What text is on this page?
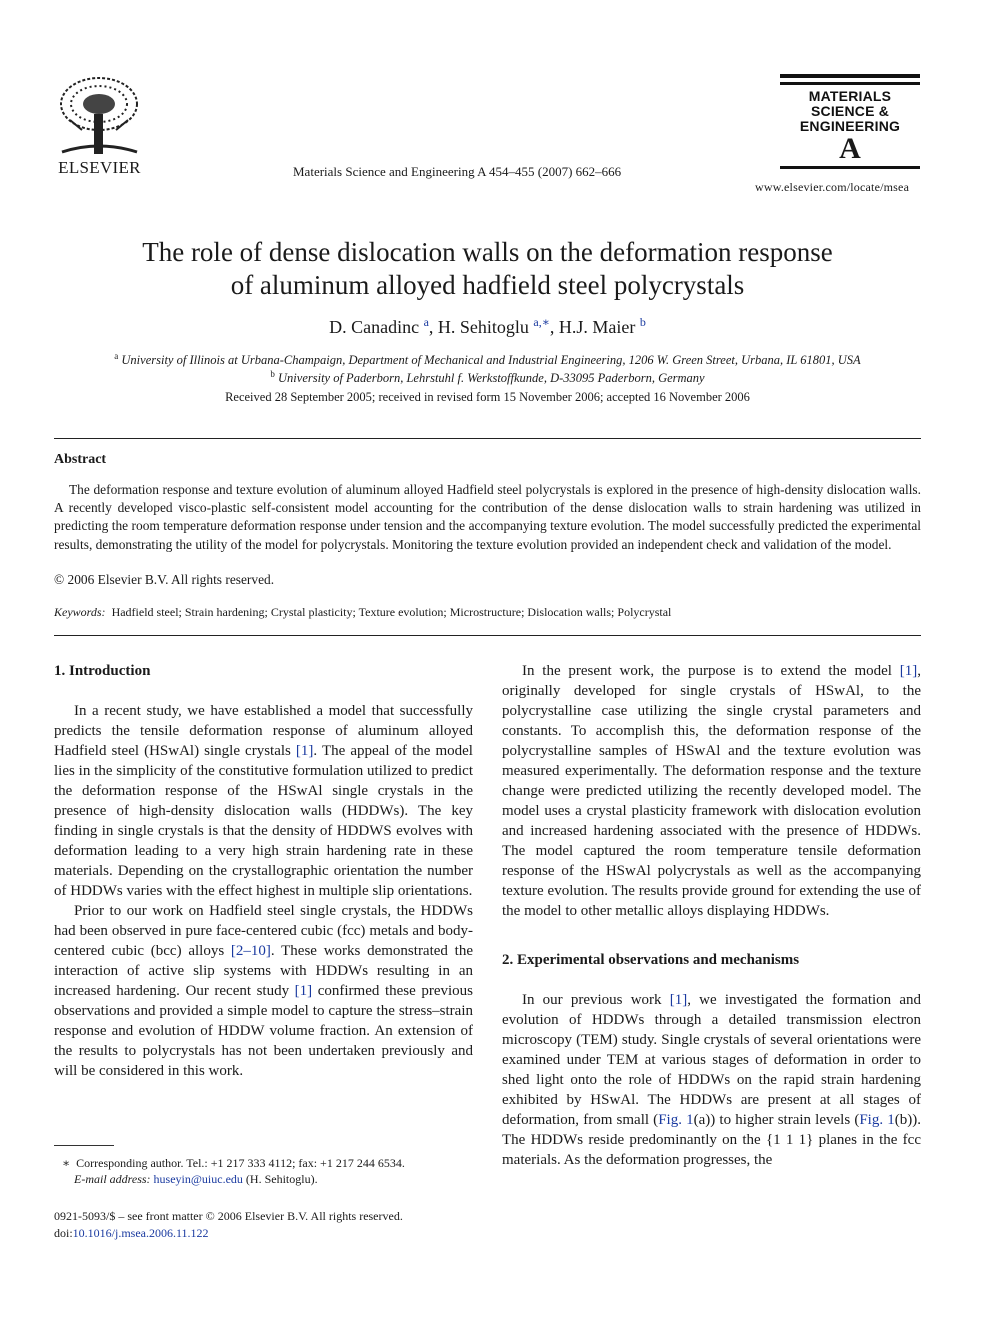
ELSEVIER	Materials Science and Engineering A 454–455 (2007) 662–666
MATERIALS
SCIENCE &
ENGINEERING
A
www.elsevier.com/locate/msea
The role of dense dislocation walls on the deformation response
of aluminum alloyed hadfield steel polycrystals
D. Canadinc $^a$, H. Sehitoglu $^{a,∗}$, H.J. Maier $^b$
$^a$ University of Illinois at Urbana-Champaign, Department of Mechanical and Industrial Engineering, 1206 W. Green Street, Urbana, IL 61801, USA
$^b$ University of Paderborn, Lehrstuhl f. Werkstoffkunde, D-33095 Paderborn, Germany
Received 28 September 2005; received in revised form 15 November 2006; accepted 16 November 2006
Abstract

The deformation response and texture evolution of aluminum alloyed Hadfield steel polycrystals is explored in the presence of high-density dislocation walls. A recently developed visco-plastic self-consistent model accounting for the contribution of the dense dislocation walls to strain hardening was utilized in predicting the room temperature deformation response under tension and the accompanying texture evolution. The model successfully predicted the experimental results, demonstrating the utility of the model for polycrystals. Monitoring the texture evolution provided an independent check and validation of the model.

© 2006 Elsevier B.V. All rights reserved.
Keywords: Hadfield steel; Strain hardening; Crystal plasticity; Texture evolution; Microstructure; Dislocation walls; Polycrystal
1. Introduction

In a recent study, we have established a model that successfully predicts the tensile deformation response of aluminum alloyed Hadfield steel (HSwAl) single crystals [1]. The appeal of the model lies in the simplicity of the constitutive formulation utilized to predict the deformation response of the HSwAl single crystals in the presence of high-density dislocation walls (HDDWs). The key finding in single crystals is that the density of HDDWS evolves with deformation leading to a very high strain hardening rate in these materials. Depending on the crystallographic orientation the number of HDDWs varies with the effect highest in multiple slip orientations.

Prior to our work on Hadfield steel single crystals, the HDDWs had been observed in pure face-centered cubic (fcc) metals and body-centered cubic (bcc) alloys [2–10]. These works demonstrated the interaction of active slip systems with HDDWs resulting in an increased hardening. Our recent study [1] confirmed these previous observations and provided a simple model to capture the stress–strain response and evolution of HDDW volume fraction. An extension of the results to polycrystals has not been undertaken previously and will be considered in this work.

In the present work, the purpose is to extend the model [1], originally developed for single crystals of HSwAl, to the polycrystalline case utilizing the single crystal parameters and constants. To accomplish this, the deformation response of the polycrystalline samples of HSwAl and the texture evolution was measured experimentally. The deformation response and the texture change were predicted utilizing the recently developed model. The model uses a crystal plasticity framework with dislocation evolution and increased hardening associated with the presence of HDDWs. The model captured the room temperature tensile deformation response of the HSwAl polycrystals as well as the accompanying texture evolution. The results provide ground for extending the use of the model to other metallic alloys displaying HDDWs.

2. Experimental observations and mechanisms

In our previous work [1], we investigated the formation and evolution of HDDWs through a detailed transmission electron microscopy (TEM) study. Single crystals of several orientations were examined under TEM at various stages of deformation in order to shed light onto the role of HDDWs on the rapid strain hardening exhibited by HSwAl. The HDDWs are present at all stages of deformation, from small (Fig. 1(a)) to higher strain levels (Fig. 1(b)). The HDDWs reside predominantly on the {1 1 1} planes in the fcc materials. As the deformation progresses, the

∗ Corresponding author. Tel.: +1 217 333 4112; fax: +1 217 244 6534.
E-mail address: huseyin@uiuc.edu (H. Sehitoglu).
0921-5093/$ – see front matter © 2006 Elsevier B.V. All rights reserved.
doi:10.1016/j.msea.2006.11.122
